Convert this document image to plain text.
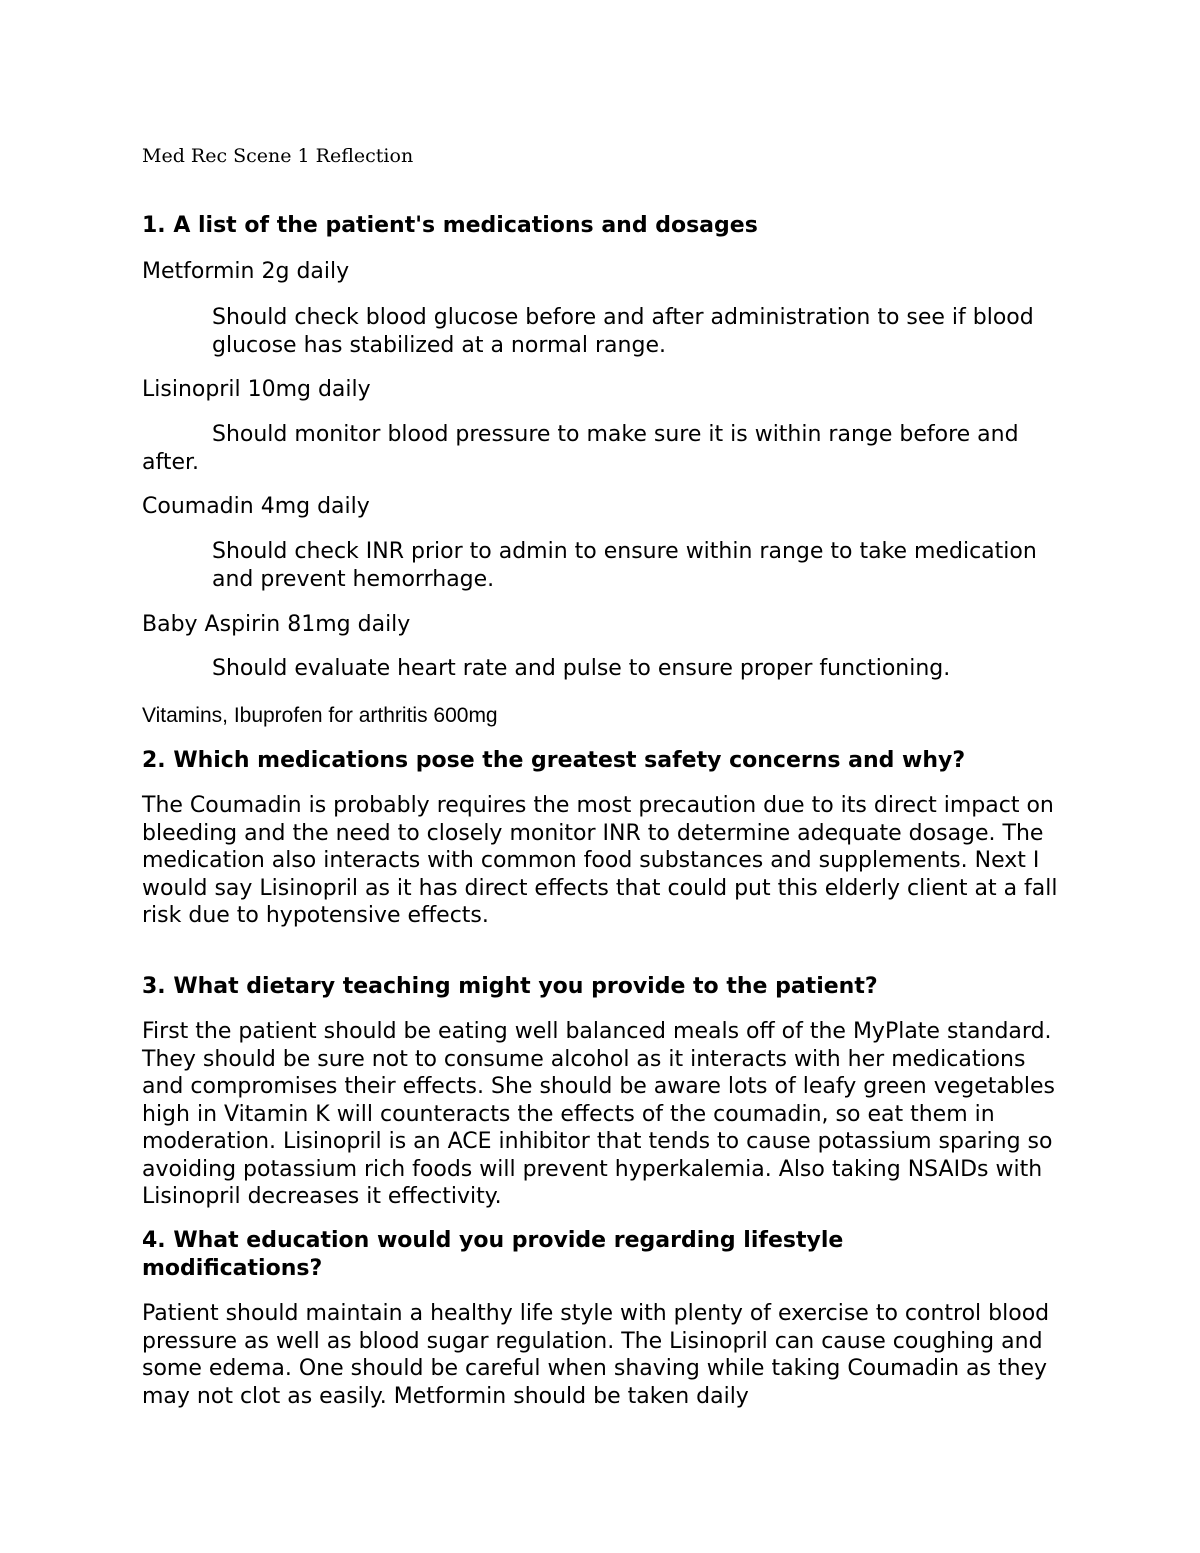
Med Rec Scene 1 Reflection

1. A list of the patient's medications and dosages

Metformin 2g daily

Should check blood glucose before and after administration to see if blood glucose has stabilized at a normal range.

Lisinopril 10mg daily

Should monitor blood pressure to make sure it is within range before and after.

Coumadin 4mg daily

Should check INR prior to admin to ensure within range to take medication and prevent hemorrhage.

Baby Aspirin 81mg daily

Should evaluate heart rate and pulse to ensure proper functioning.

Vitamins, Ibuprofen for arthritis 600mg

2. Which medications pose the greatest safety concerns and why?

The Coumadin is probably requires the most precaution due to its direct impact on bleeding and the need to closely monitor INR to determine adequate dosage. The medication also interacts with common food substances and supplements. Next I would say Lisinopril as it has direct effects that could put this elderly client at a fall risk due to hypotensive effects.

3. What dietary teaching might you provide to the patient?

First the patient should be eating well balanced meals off of the MyPlate standard. They should be sure not to consume alcohol as it interacts with her medications and compromises their effects. She should be aware lots of leafy green vegetables high in Vitamin K will counteracts the effects of the coumadin, so eat them in moderation. Lisinopril is an ACE inhibitor that tends to cause potassium sparing so avoiding potassium rich foods will prevent hyperkalemia. Also taking NSAIDs with Lisinopril decreases it effectivity.

4. What education would you provide regarding lifestyle modifications?

Patient should maintain a healthy life style with plenty of exercise to control blood pressure as well as blood sugar regulation. The Lisinopril can cause coughing and some edema. One should be careful when shaving while taking Coumadin as they may not clot as easily. Metformin should be taken daily
